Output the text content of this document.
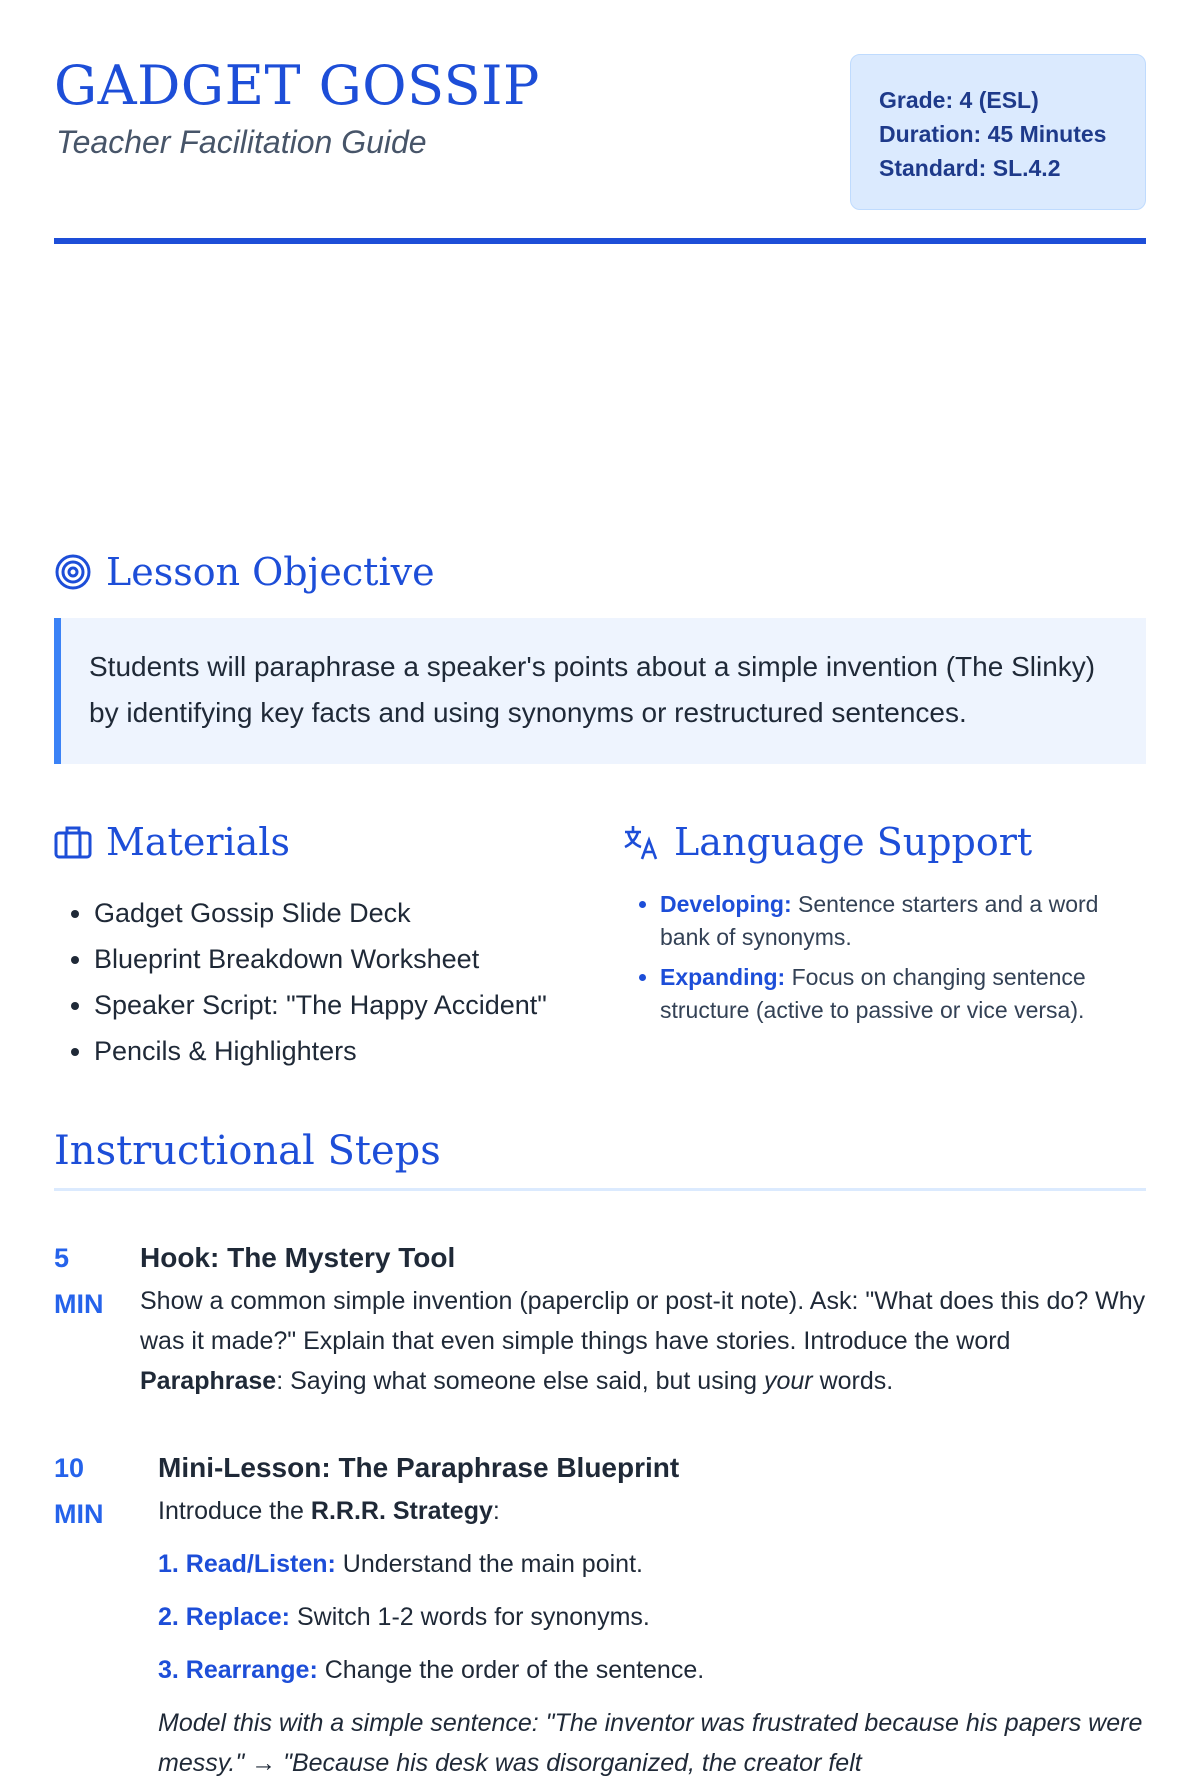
GADGET GOSSIP

Teacher Facilitation Guide

Grade: 4 (ESL)
Duration: 45 Minutes
Standard: SL.4.2
Lesson Objective
Students will paraphrase a speaker's points about a simple invention (The Slinky) by identifying key facts and using synonyms or restructured sentences.
Materials
• Gadget Gossip Slide Deck
• Blueprint Breakdown Worksheet
• Speaker Script: "The Happy Accident"
• Pencils & Highlighters
Language Support
• Developing: Sentence starters and a word bank of synonyms.
• Expanding: Focus on changing sentence structure (active to passive or vice versa).
Instructional Steps
5
MIN
Hook: The Mystery Tool
Show a common simple invention (paperclip or post-it note). Ask: "What does this do? Why was it made?" Explain that even simple things have stories. Introduce the word Paraphrase: Saying what someone else said, but using your words.
10
MIN
Mini-Lesson: The Paraphrase Blueprint
Introduce the R.R.R. Strategy:
1. Read/Listen: Understand the main point.
2. Replace: Switch 1-2 words for synonyms.
3. Rearrange: Change the order of the sentence.
Model this with a simple sentence: "The inventor was frustrated because his papers were messy." → "Because his desk was disorganized, the creator felt
